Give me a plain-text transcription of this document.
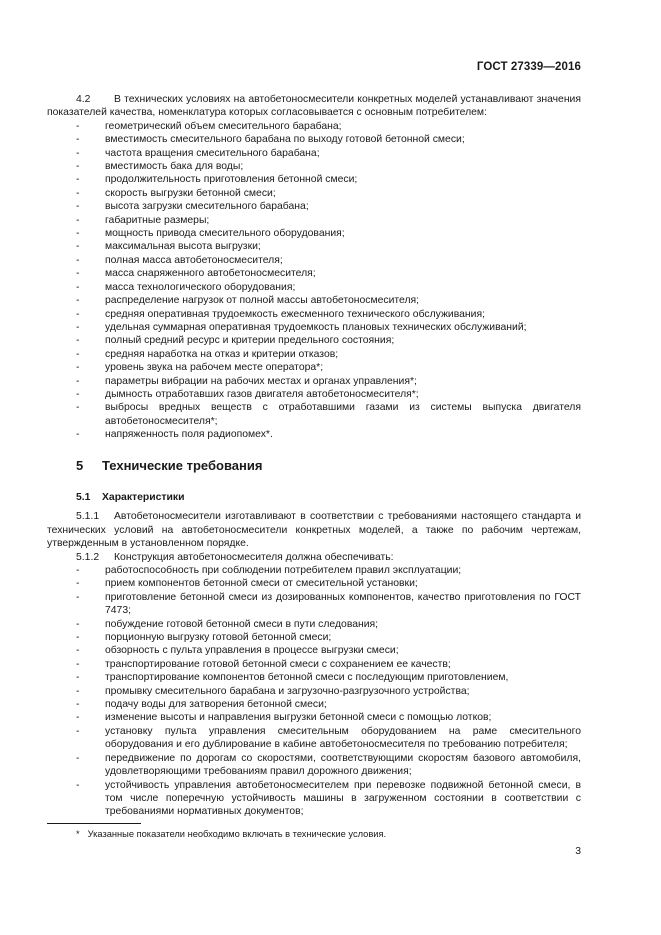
ГОСТ 27339—2016

4.2 В технических условиях на автобетоносмесители конкретных моделей устанавливают значения показателей качества, номенклатура которых согласовывается с основным потребителем:

-	геометрический объем смесительного барабана;
-	вместимость смесительного барабана по выходу готовой бетонной смеси;
-	частота вращения смесительного барабана;
-	вместимость бака для воды;
-	продолжительность приготовления бетонной смеси;
-	скорость выгрузки бетонной смеси;
-	высота загрузки смесительного барабана;
-	габаритные размеры;
-	мощность привода смесительного оборудования;
-	максимальная высота выгрузки;
-	полная масса автобетоносмесителя;
-	масса снаряженного автобетоносмесителя;
-	масса технологического оборудования;
-	распределение нагрузок от полной массы автобетоносмесителя;
-	средняя оперативная трудоемкость ежесменного технического обслуживания;
-	удельная суммарная оперативная трудоемкость плановых технических обслуживаний;
-	полный средний ресурс и критерии предельного состояния;
-	средняя наработка на отказ и критерии отказов;
-	уровень звука на рабочем месте оператора*;
-	параметры вибрации на рабочих местах и органах управления*;
-	дымность отработавших газов двигателя автобетоносмесителя*;
-	выбросы вредных веществ с отработавшими газами из системы выпуска двигателя автобетоносмесителя*;
-	напряженность поля радиопомех*.
5	Технические требования
5.1	Характеристики

5.1.1 Автобетоносмесители изготавливают в соответствии с требованиями настоящего стандарта и технических условий на автобетоносмесители конкретных моделей, а также по рабочим чертежам, утвержденным в установленном порядке.

5.1.2 Конструкция автобетоносмесителя должна обеспечивать:

-	работоспособность при соблюдении потребителем правил эксплуатации;
-	прием компонентов бетонной смеси от смесительной установки;
-	приготовление бетонной смеси из дозированных компонентов, качество приготовления по ГОСТ 7473;
-	побуждение готовой бетонной смеси в пути следования;
-	порционную выгрузку готовой бетонной смеси;
-	обзорность с пульта управления в процессе выгрузки смеси;
-	транспортирование готовой бетонной смеси с сохранением ее качеств;
-	транспортирование компонентов бетонной смеси с последующим приготовлением,
-	промывку смесительного барабана и загрузочно-разгрузочного устройства;
-	подачу воды для затворения бетонной смеси;
-	изменение высоты и направления выгрузки бетонной смеси с помощью лотков;
-	установку пульта управления смесительным оборудованием на раме смесительного оборудования и его дублирование в кабине автобетоносмесителя по требованию потребителя;
-	передвижение по дорогам со скоростями, соответствующими скоростям базового автомобиля, удовлетворяющими требованиям правил дорожного движения;
-	устойчивость управления автобетоносмесителем при перевозке подвижной бетонной смеси, в том числе поперечную устойчивость машины в загруженном состоянии в соответствии с требованиями нормативных документов;
* Указанные показатели необходимо включать в технические условия.
3
